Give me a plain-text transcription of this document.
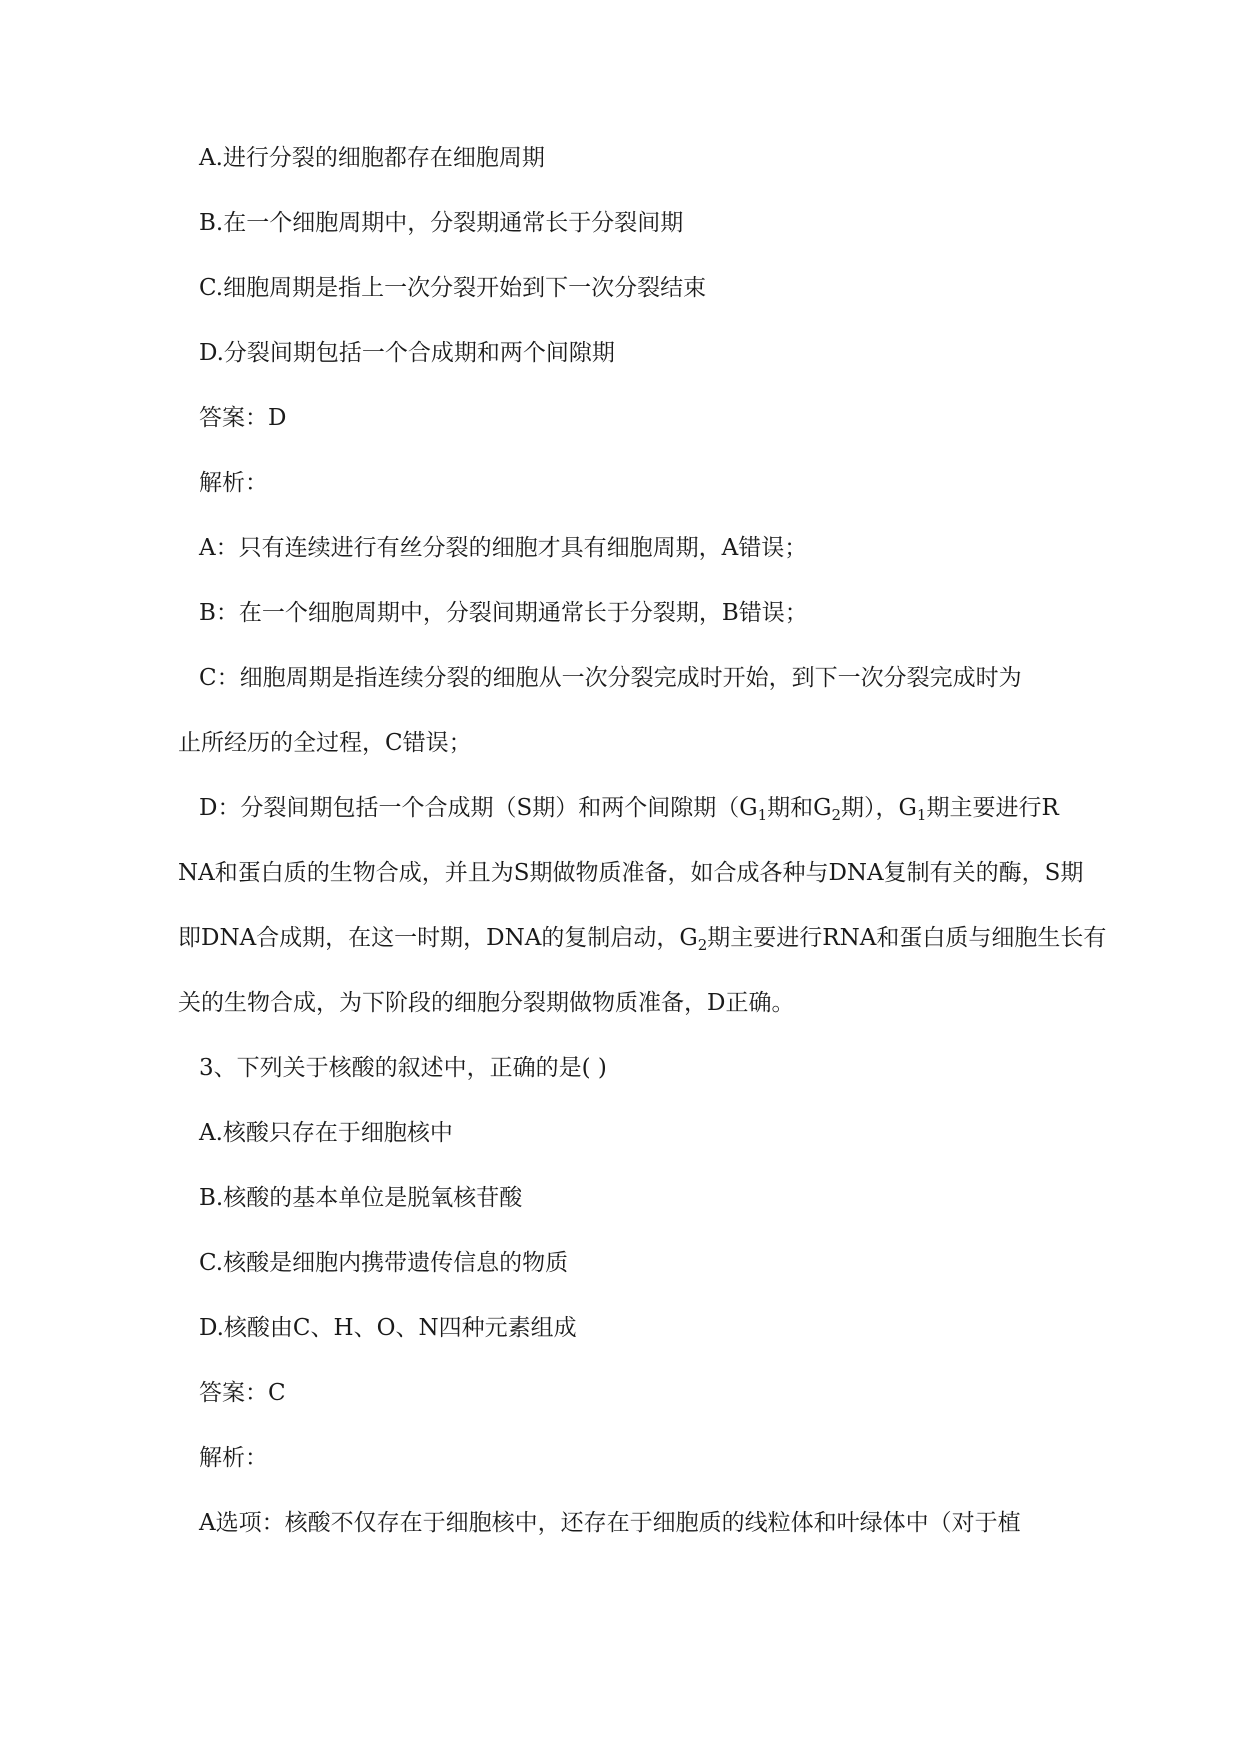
A.进行分裂的细胞都存在细胞周期
B.在一个细胞周期中，分裂期通常长于分裂间期
C.细胞周期是指上一次分裂开始到下一次分裂结束
D.分裂间期包括一个合成期和两个间隙期
答案：D
解析：
A：只有连续进行有丝分裂的细胞才具有细胞周期，A错误；
B：在一个细胞周期中，分裂间期通常长于分裂期，B错误；
C：细胞周期是指连续分裂的细胞从一次分裂完成时开始，到下一次分裂完成时为
止所经历的全过程，C错误；
D：分裂间期包括一个合成期（S期）和两个间隙期（$G_1$期和$G_2$期），$G_1$期主要进行R
NA和蛋白质的生物合成，并且为S期做物质准备，如合成各种与DNA复制有关的酶，S期
即DNA合成期，在这一时期，DNA的复制启动，$G_2$期主要进行RNA和蛋白质与细胞生长有
关的生物合成，为下阶段的细胞分裂期做物质准备，D正确。
3、下列关于核酸的叙述中，正确的是( )
A.核酸只存在于细胞核中
B.核酸的基本单位是脱氧核苷酸
C.核酸是细胞内携带遗传信息的物质
D.核酸由C、H、O、N四种元素组成
答案：C
解析：
A选项：核酸不仅存在于细胞核中，还存在于细胞质的线粒体和叶绿体中（对于植
